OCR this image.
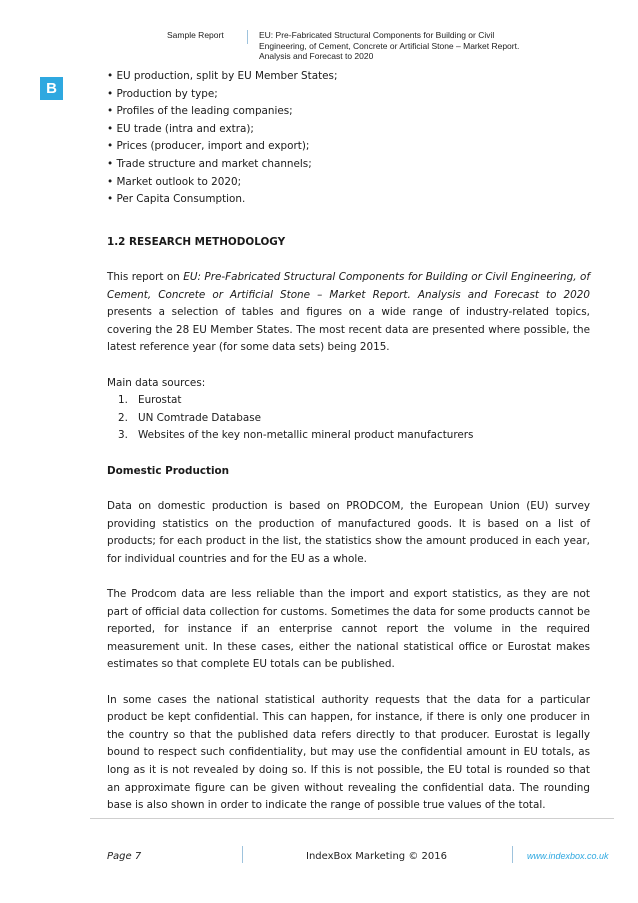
Sample Report	EU: Pre-Fabricated Structural Components for Building or Civil
Engineering, of Cement, Concrete or Artificial Stone – Market Report.
Analysis and Forecast to 2020
B
• EU production, split by EU Member States;
• Production by type;
• Profiles of the leading companies;
• EU trade (intra and extra);
• Prices (producer, import and export);
• Trade structure and market channels;
• Market outlook to 2020;
• Per Capita Consumption.
1.2 RESEARCH METHODOLOGY

This report on EU: Pre-Fabricated Structural Components for Building or Civil Engineering, of Cement, Concrete or Artificial Stone – Market Report. Analysis and Forecast to 2020 presents a selection of tables and figures on a wide range of industry-related topics, covering the 28 EU Member States. The most recent data are presented where possible, the latest reference year (for some data sets) being 2015.

Main data sources:

1. Eurostat
2. UN Comtrade Database
3. Websites of the key non-metallic mineral product manufacturers
Domestic Production

Data on domestic production is based on PRODCOM, the European Union (EU) survey providing statistics on the production of manufactured goods. It is based on a list of products; for each product in the list, the statistics show the amount produced in each year, for individual countries and for the EU as a whole.

The Prodcom data are less reliable than the import and export statistics, as they are not part of official data collection for customs. Sometimes the data for some products cannot be reported, for instance if an enterprise cannot report the volume in the required measurement unit. In these cases, either the national statistical office or Eurostat makes estimates so that complete EU totals can be published.

In some cases the national statistical authority requests that the data for a particular product be kept confidential. This can happen, for instance, if there is only one producer in the country so that the published data refers directly to that producer. Eurostat is legally bound to respect such confidentiality, but may use the confidential amount in EU totals, as long as it is not revealed by doing so. If this is not possible, the EU total is rounded so that an approximate figure can be given without revealing the confidential data. The rounding base is also shown in order to indicate the range of possible true values of the total.

Page 7	IndexBox Marketing © 2016	www.indexbox.co.uk
